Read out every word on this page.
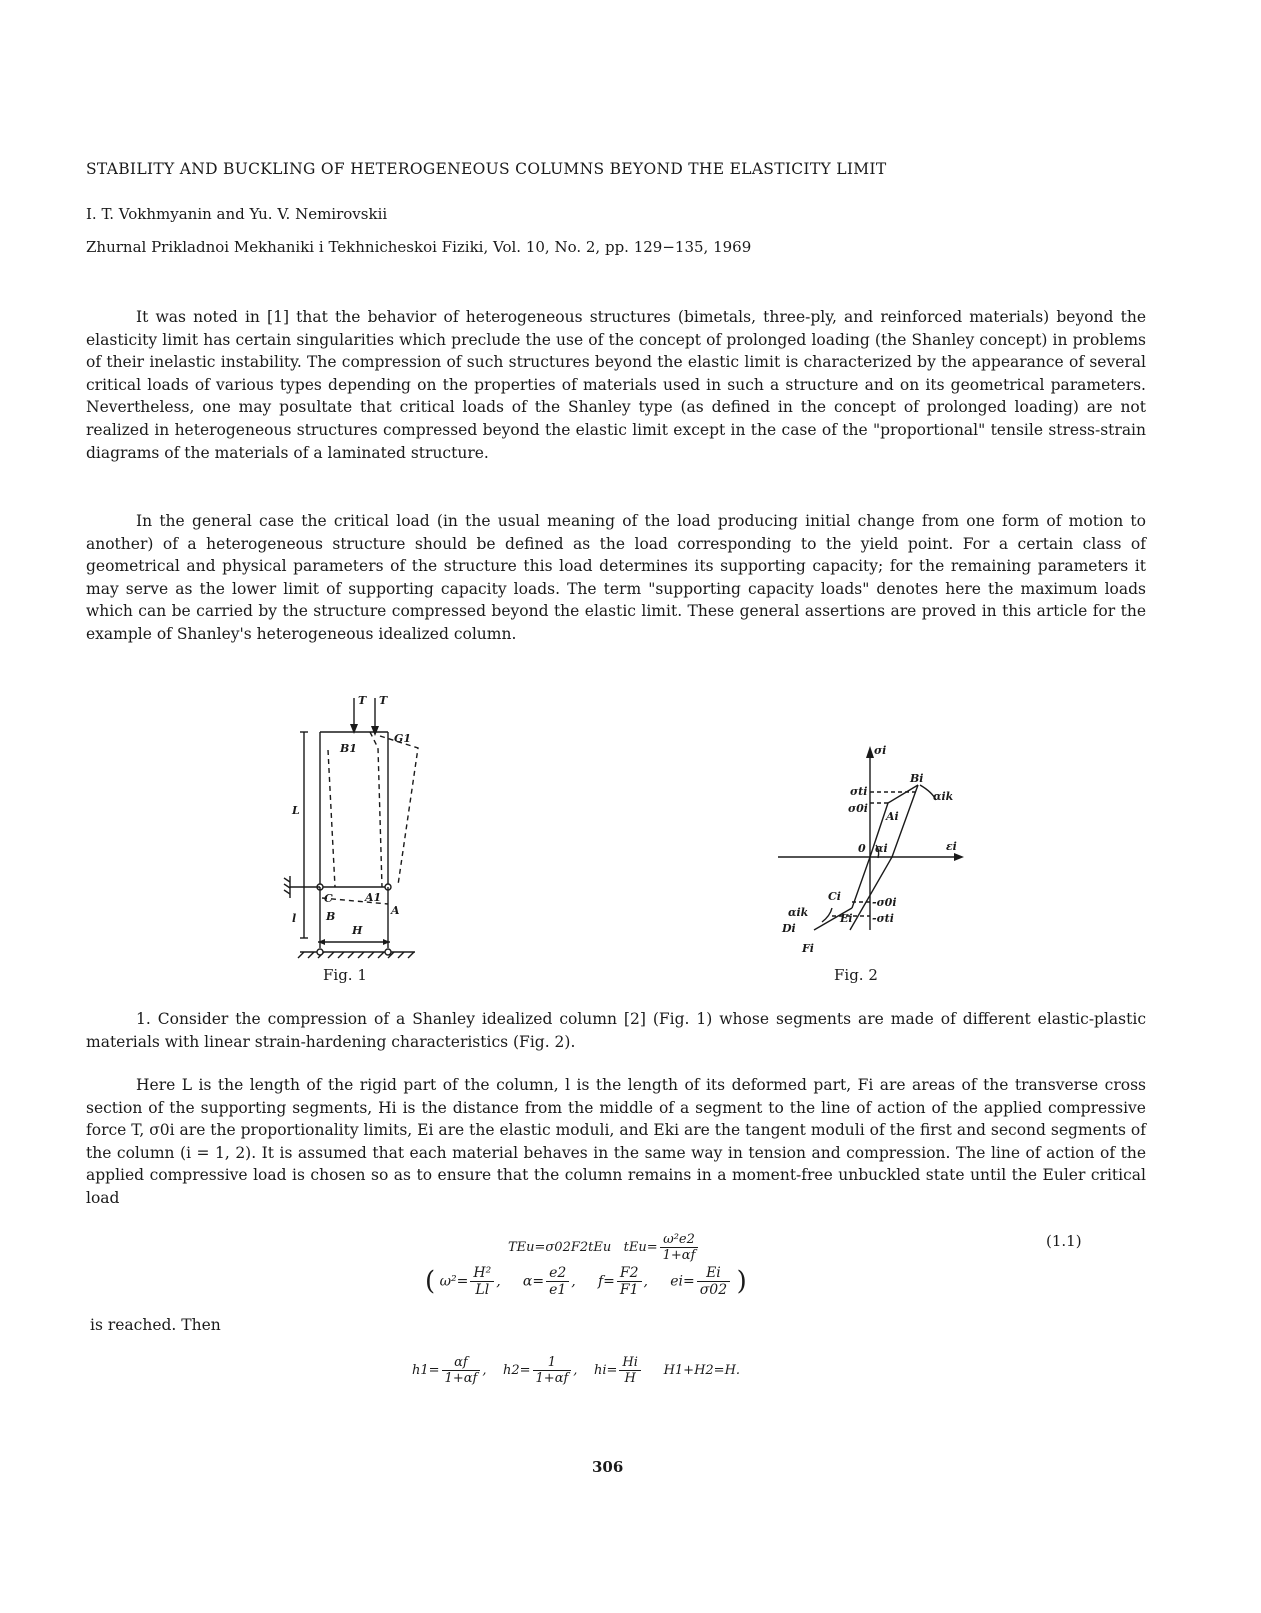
STABILITY AND BUCKLING OF HETEROGENEOUS COLUMNS BEYOND THE ELASTICITY LIMIT
I. T. Vokhmyanin and Yu. V. Nemirovskii
Zhurnal Prikladnoi Mekhaniki i Tekhnicheskoi Fiziki, Vol. 10, No. 2, pp. 129−135, 1969
It was noted in [1] that the behavior of heterogeneous structures (bimetals, three-ply, and reinforced materials) beyond the elasticity limit has certain singularities which preclude the use of the concept of prolonged loading (the Shanley concept) in problems of their inelastic instability. The compression of such structures beyond the elastic limit is characterized by the appearance of several critical loads of various types depending on the properties of materials used in such a structure and on its geometrical parameters. Nevertheless, one may posultate that critical loads of the Shanley type (as defined in the concept of prolonged loading) are not realized in heterogeneous structures compressed beyond the elastic limit except in the case of the "proportional" tensile stress-strain diagrams of the materials of a laminated structure.
In the general case the critical load (in the usual meaning of the load producing initial change from one form of motion to another) of a heterogeneous structure should be defined as the load corresponding to the yield point. For a certain class of geometrical and physical parameters of the structure this load determines its supporting capacity; for the remaining parameters it may serve as the lower limit of supporting capacity loads. The term "supporting capacity loads" denotes here the maximum loads which can be carried by the structure compressed beyond the elastic limit. These general assertions are proved in this article for the example of Shanley's heterogeneous idealized column.
T T
B1
G1
L
A1
C
B	A
l
H
Fig. 1
σi
εi
0
σti
σ0i
Bi
αik
Ai
αi
Ci	-σ0i
αik	Ei -σti
Di
Fi
Fig. 2
1. Consider the compression of a Shanley idealized column [2] (Fig. 1) whose segments are made of different elastic-plastic materials with linear strain-hardening characteristics (Fig. 2).
Here L is the length of the rigid part of the column, l is the length of its deformed part, Fi are areas of the transverse cross section of the supporting segments, Hi is the distance from the middle of a segment to the line of action of the applied compressive force T, σ0i are the proportionality limits, Ei are the elastic moduli, and Eki are the tangent moduli of the first and second segments of the column (i = 1, 2). It is assumed that each material behaves in the same way in tension and compression. The line of action of the applied compressive load is chosen so as to ensure that the column remains in a moment-free unbuckled state until the Euler critical load
TEu=σ02F2tEu $tEu= \frac{\text{ω²e2}}{1+\alpha f}$	(1.1)
( $\omega^2= \frac{\text{H²}}{Ll}$ ,     $\alpha= \frac{e2}{e1}$ ,     $f= \frac{F2}{F1}$ ,     $ei= \frac{Ei}{\sigma 02}$ )
is reached. Then
$h1= \frac{\alpha f}{1+\alpha f}$ ,    $h2= \frac{1}{1+\alpha f}$ ,    $hi= \frac{Hi}{H} H1+H2=H$.
306
